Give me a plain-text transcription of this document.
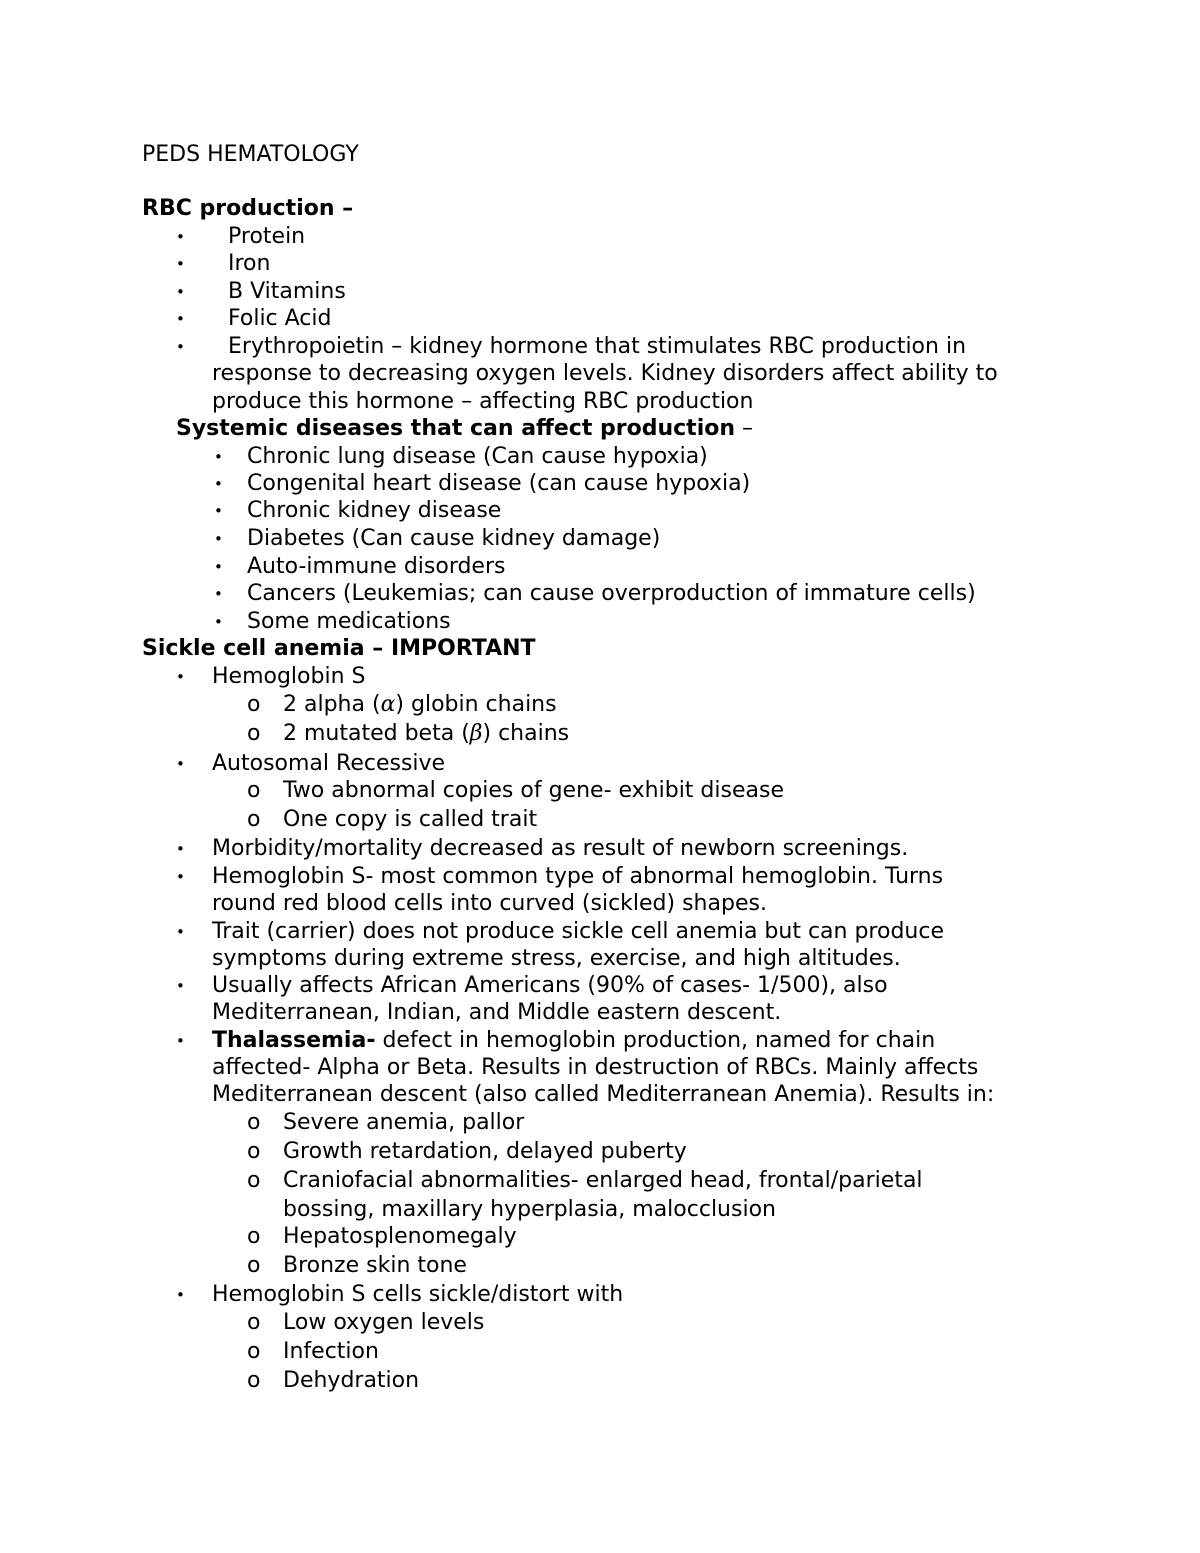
PEDS HEMATOLOGY
RBC production –
• Protein
• Iron
• B Vitamins
• Folic Acid
• Erythropoietin – kidney hormone that stimulates RBC production in
response to decreasing oxygen levels. Kidney disorders affect ability to
produce this hormone – affecting RBC production
Systemic diseases that can affect production –
• Chronic lung disease (Can cause hypoxia)
• Congenital heart disease (can cause hypoxia)
• Chronic kidney disease
• Diabetes (Can cause kidney damage)
• Auto-immune disorders
• Cancers (Leukemias; can cause overproduction of immature cells)
• Some medications
Sickle cell anemia – IMPORTANT
• Hemoglobin S
o 2 alpha (α) globin chains
o 2 mutated beta (β) chains
• Autosomal Recessive
o Two abnormal copies of gene- exhibit disease
o One copy is called trait
• Morbidity/mortality decreased as result of newborn screenings.
• Hemoglobin S- most common type of abnormal hemoglobin. Turns
round red blood cells into curved (sickled) shapes.
• Trait (carrier) does not produce sickle cell anemia but can produce
symptoms during extreme stress, exercise, and high altitudes.
• Usually affects African Americans (90% of cases- 1/500), also
Mediterranean, Indian, and Middle eastern descent.
• Thalassemia- defect in hemoglobin production, named for chain
affected- Alpha or Beta. Results in destruction of RBCs. Mainly affects
Mediterranean descent (also called Mediterranean Anemia). Results in:
o Severe anemia, pallor
o Growth retardation, delayed puberty
o Craniofacial abnormalities- enlarged head, frontal/parietal
bossing, maxillary hyperplasia, malocclusion
o Hepatosplenomegaly
o Bronze skin tone
• Hemoglobin S cells sickle/distort with
o Low oxygen levels
o Infection
o Dehydration
